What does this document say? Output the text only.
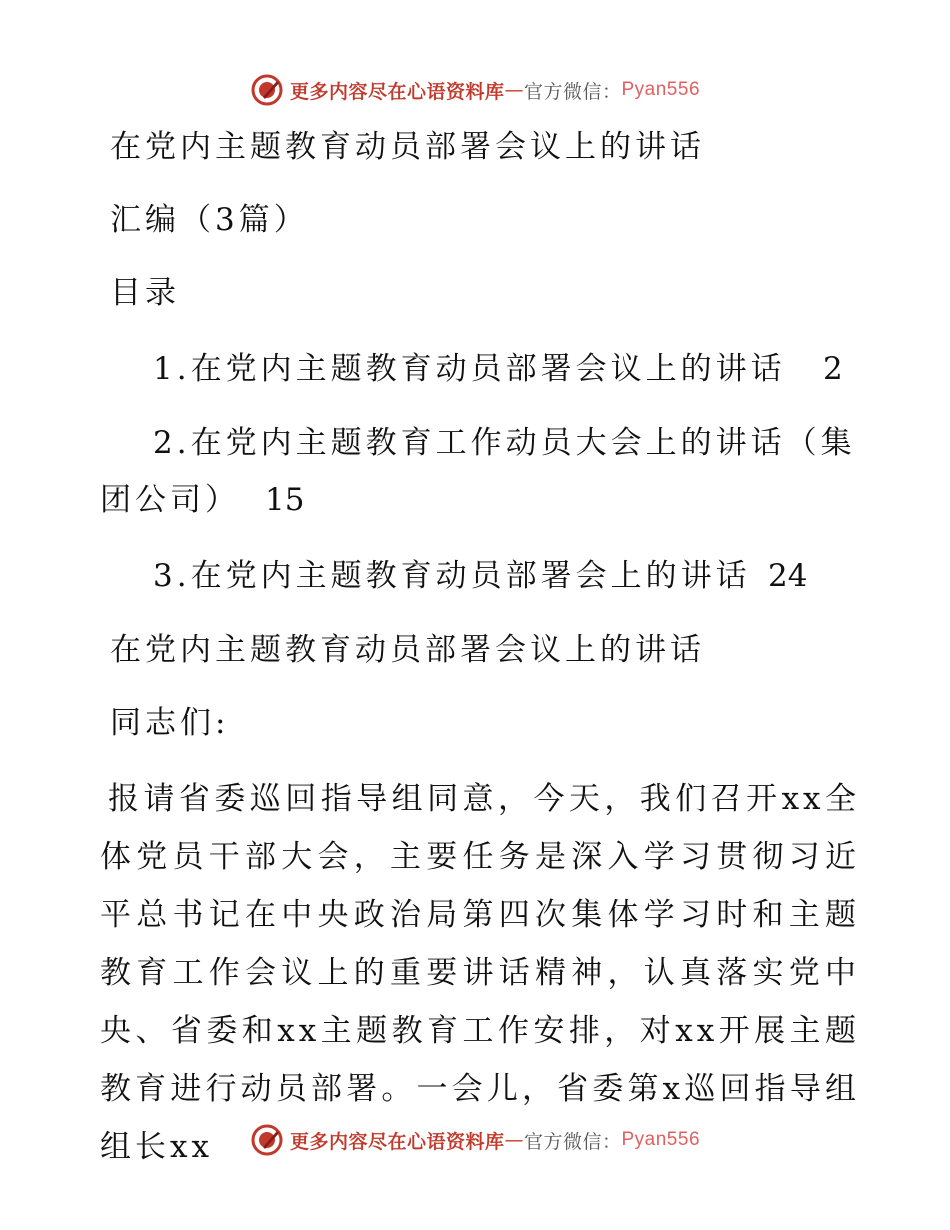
更多内容尽在心语资料库 — 官方微信： Pyan556
在党内主题教育动员部署会议上的讲话
汇编（3篇）
目录
1.在党内主题教育动员部署会议上的讲话 2
2.在党内主题教育工作动员大会上的讲话（集
团公司） 15
3.在党内主题教育动员部署会上的讲话 24
在党内主题教育动员部署会议上的讲话
同志们:
报请省委巡回指导组同意，今天，我们召开xx全体党员干部大会，主要任务是深入学习贯彻习近平总书记在中央政治局第四次集体学习时和主题教育工作会议上的重要讲话精神，认真落实党中央、省委和xx主题教育工作安排，对xx开展主题教育进行动员部署。一会儿，省委第x巡回指导组组长xx	更多内容尽在心语资料库 — 官方微信： Pyan556
